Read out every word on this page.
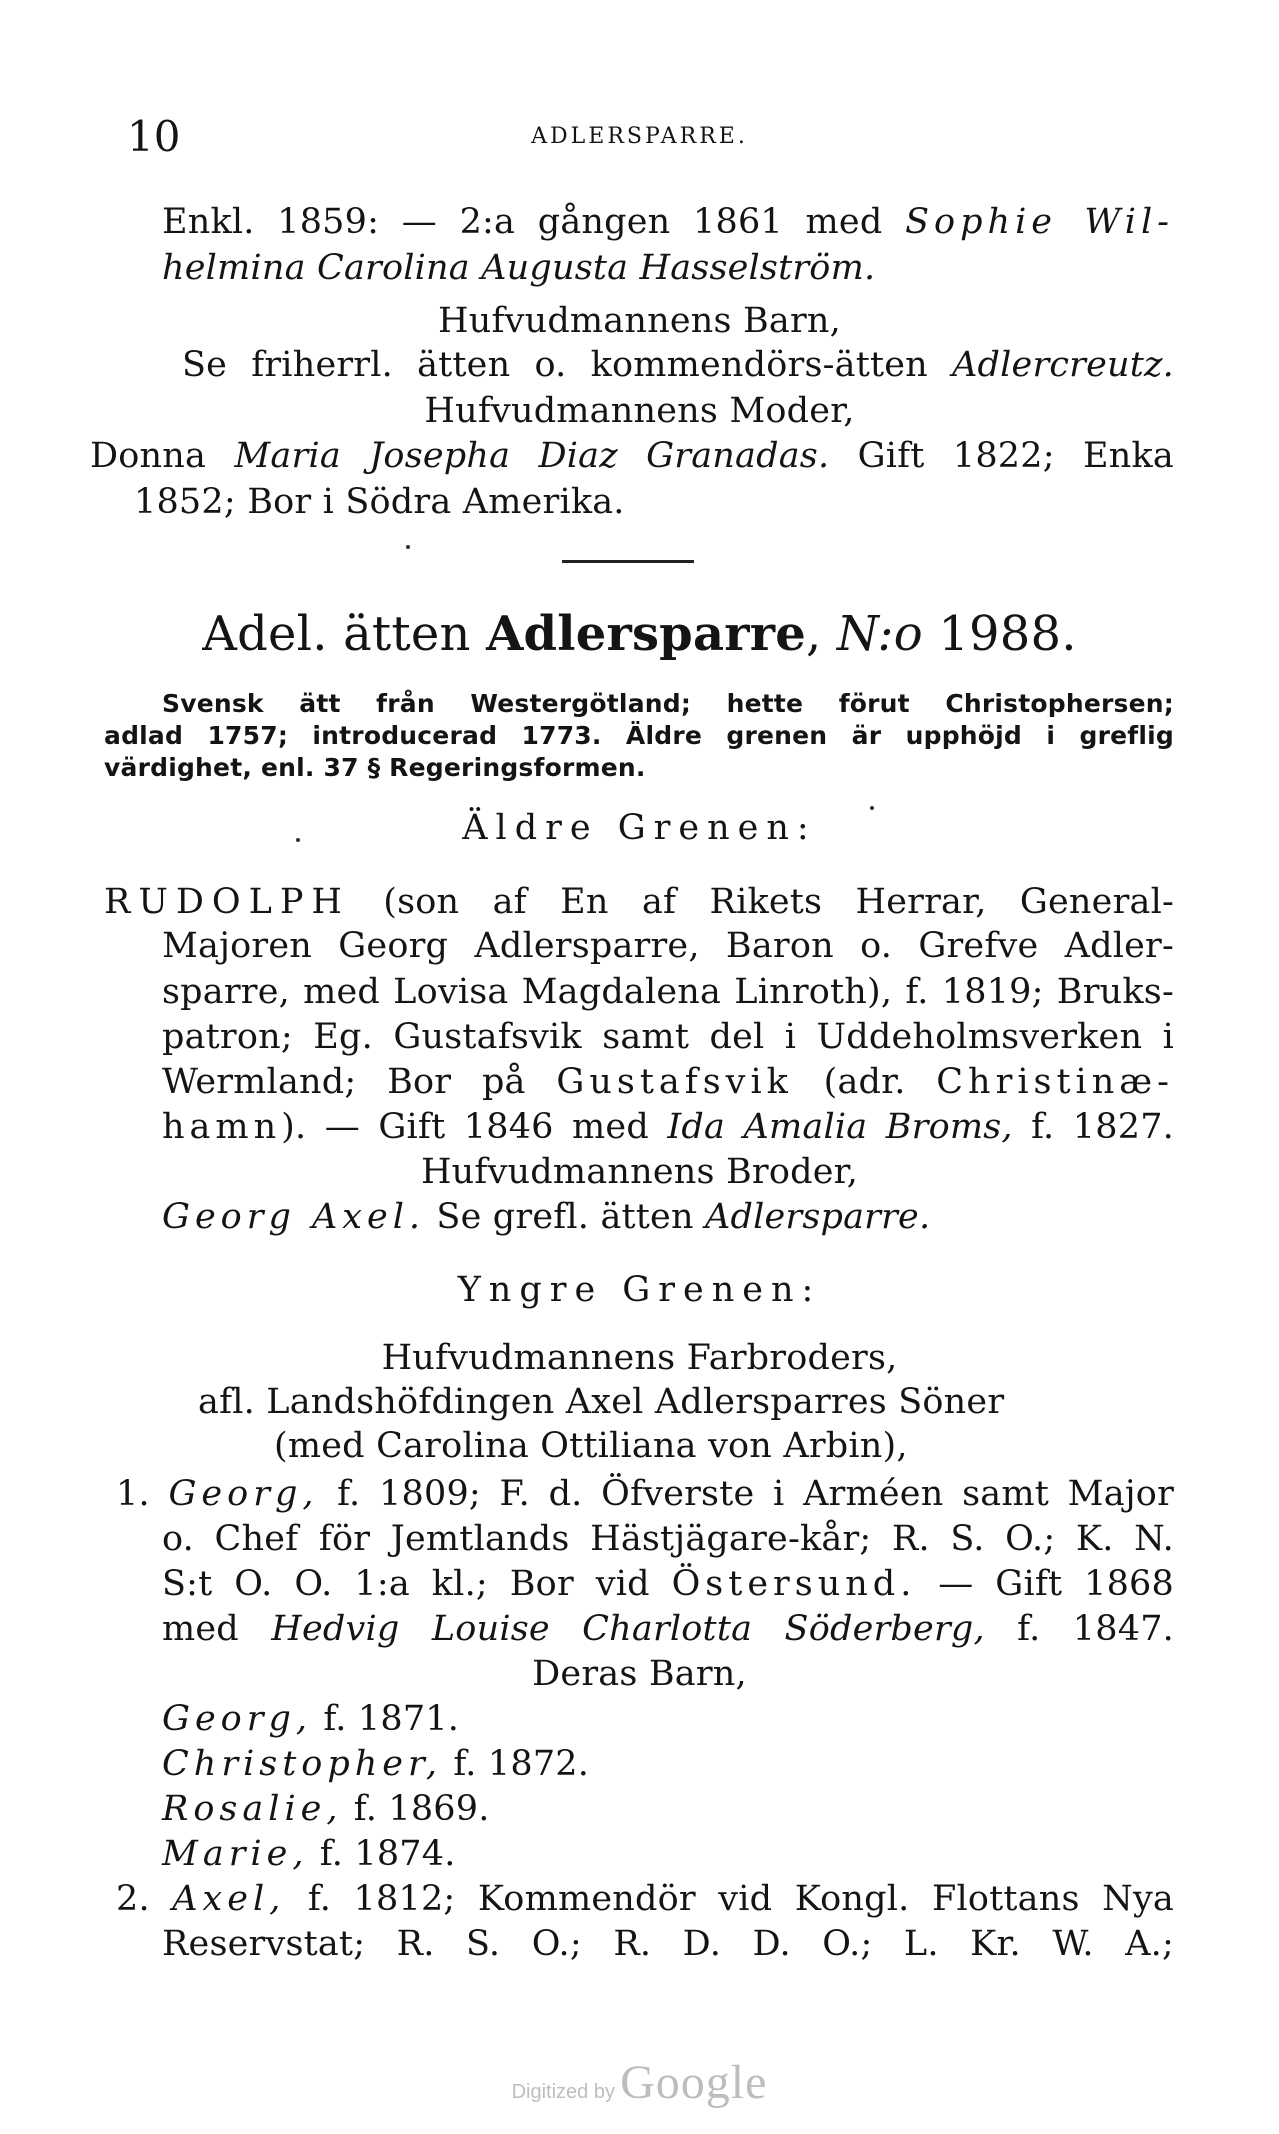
10	ADLERSPARRE.
Enkl. 1859: — 2:a gången 1861 med Sophie Wil-
helmina Carolina Augusta Hasselström.
Hufvudmannens Barn,
Se friherrl. ätten o. kommendörs-ätten Adlercreutz.
Hufvudmannens Moder,
Donna Maria Josepha Diaz Granadas. Gift 1822; Enka
1852; Bor i Södra Amerika.
Adel. ätten Adlersparre, N:o 1988.
Svensk ätt från Westergötland; hette förut Christophersen;
adlad 1757; introducerad 1773. Äldre grenen är upphöjd i greflig
värdighet, enl. 37 § Regeringsformen.
Äldre Grenen:
RUDOLPH (son af En af Rikets Herrar, General-
Majoren Georg Adlersparre, Baron o. Grefve Adler-
sparre, med Lovisa Magdalena Linroth), f. 1819; Bruks-
patron; Eg. Gustafsvik samt del i Uddeholmsverken i
Wermland; Bor på Gustafsvik (adr. Christinæ-
hamn). — Gift 1846 med Ida Amalia Broms, f. 1827.
Hufvudmannens Broder,
Georg Axel. Se grefl. ätten Adlersparre.
Yngre Grenen:
Hufvudmannens Farbroders,
afl. Landshöfdingen Axel Adlersparres Söner
(med Carolina Ottiliana von Arbin),
1. Georg, f. 1809; F. d. Öfverste i Arméen samt Major
o. Chef för Jemtlands Hästjägare-kår; R. S. O.; K. N.
S:t O. O. 1:a kl.; Bor vid Östersund. — Gift 1868
med Hedvig Louise Charlotta Söderberg, f. 1847.
Deras Barn,
Georg, f. 1871.
Christopher, f. 1872.
Rosalie, f. 1869.
Marie, f. 1874.
2. Axel, f. 1812; Kommendör vid Kongl. Flottans Nya
Reservstat; R. S. O.; R. D. D. O.; L. Kr. W. A.;
Digitized by Google
